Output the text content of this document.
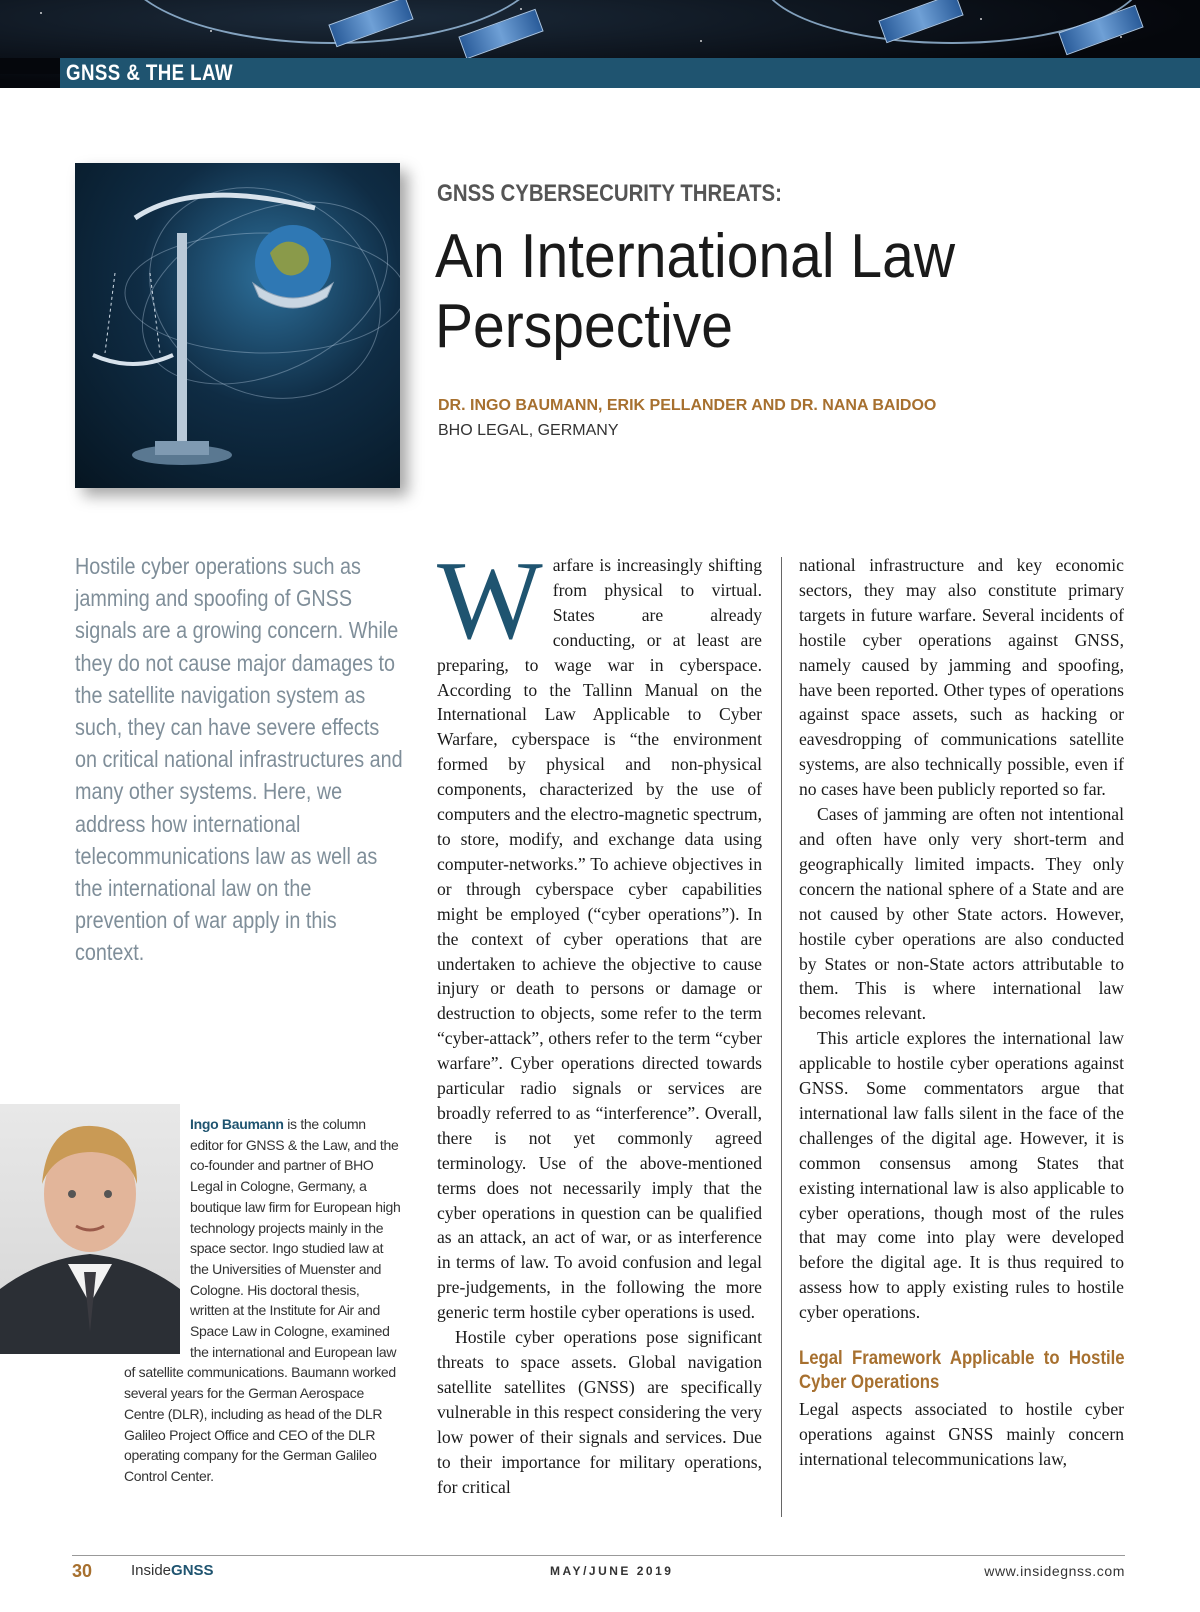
GNSS & THE LAW
GNSS CYBERSECURITY THREATS:
An International Law
Perspective
DR. INGO BAUMANN, ERIK PELLANDER AND DR. NANA BAIDOO
BHO LEGAL, GERMANY
Hostile cyber operations such as jamming and spoofing of GNSS signals are a growing concern. While they do not cause major damages to the satellite navigation system as such, they can have severe effects on critical national infrastructures and many other systems. Here, we address how international telecommunications law as well as the international law on the prevention of war apply in this context.
Ingo Baumann is the column editor for GNSS & the Law, and the co-founder and partner of BHO Legal in Cologne, Germany, a boutique law firm for European high technology projects mainly in the space sector. Ingo studied law at the Universities of Muenster and Cologne. His doctoral thesis, written at the Institute for Air and Space Law in Cologne, examined the international and European law of satellite communications. Baumann worked several years for the German Aerospace Centre (DLR), including as head of the DLR Galileo Project Office and CEO of the DLR operating company for the German Galileo Control Center.

Warfare is increasingly shifting from physical to virtual. States are already conducting, or at least are preparing, to wage war in cyberspace. According to the Tallinn Manual on the International Law Applicable to Cyber Warfare, cyberspace is “the environment formed by physical and non-physical components, characterized by the use of computers and the electro-magnetic spectrum, to store, modify, and exchange data using computer-networks.” To achieve objectives in or through cyberspace cyber capabilities might be employed (“cyber operations”). In the context of cyber operations that are undertaken to achieve the objective to cause injury or death to persons or damage or destruction to objects, some refer to the term “cyber-attack”, others refer to the term “cyber warfare”. Cyber operations directed towards particular radio signals or services are broadly referred to as “interference”. Overall, there is not yet commonly agreed terminology. Use of the above-mentioned terms does not necessarily imply that the cyber operations in question can be qualified as an attack, an act of war, or as interference in terms of law. To avoid confusion and legal pre-judgements, in the following the more generic term hostile cyber operations is used.

Hostile cyber operations pose significant threats to space assets. Global navigation satellite satellites (GNSS) are specifically vulnerable in this respect considering the very low power of their signals and services. Due to their importance for military operations, for critical

national infrastructure and key economic sectors, they may also constitute primary targets in future warfare. Several incidents of hostile cyber operations against GNSS, namely caused by jamming and spoofing, have been reported. Other types of operations against space assets, such as hacking or eavesdropping of communications satellite systems, are also technically possible, even if no cases have been publicly reported so far.

Cases of jamming are often not intentional and often have only very short-term and geographically limited impacts. They only concern the national sphere of a State and are not caused by other State actors. However, hostile cyber operations are also conducted by States or non-State actors attributable to them. This is where international law becomes relevant.

This article explores the international law applicable to hostile cyber operations against GNSS. Some commentators argue that international law falls silent in the face of the challenges of the digital age. However, it is common consensus among States that existing international law is also applicable to cyber operations, though most of the rules that may come into play were developed before the digital age. It is thus required to assess how to apply existing rules to hostile cyber operations.

Legal Framework Applicable to Hostile Cyber Operations

Legal aspects associated to hostile cyber operations against GNSS mainly concern international telecommunications law,

30	InsideGNSS	MAY/JUNE 2019	www.insidegnss.com
